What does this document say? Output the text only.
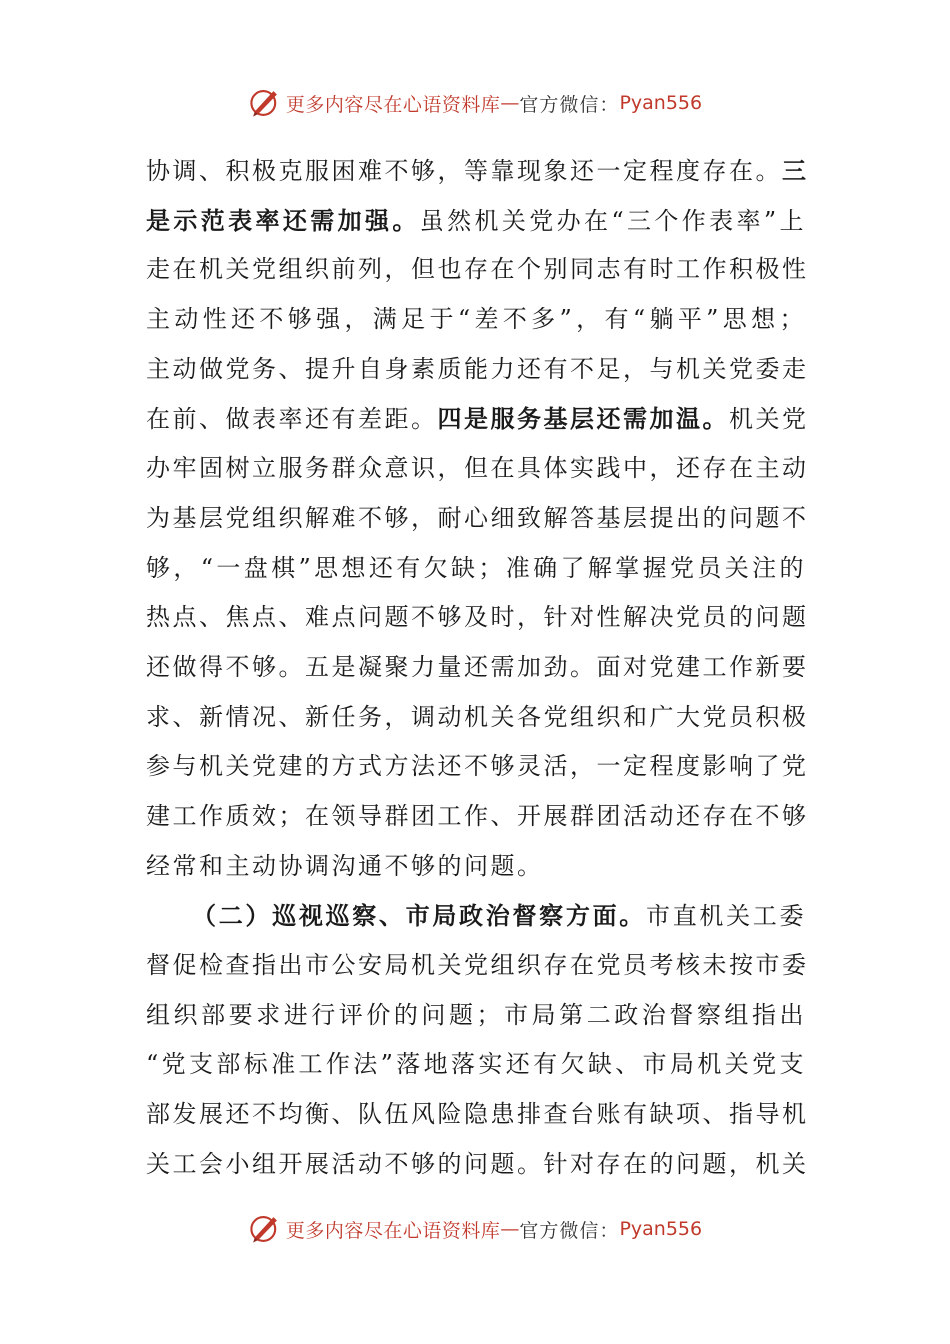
更多内容尽在心语资料库 — 官方微信： Pyan556
协调、积极克服困难不够，等靠现象还一定程度存在。三
是示范表率还需加强。虽然机关党办在“三个作表率”上
走在机关党组织前列，但也存在个别同志有时工作积极性
主动性还不够强，满足于“差不多”，有“躺平”思想；
主动做党务、提升自身素质能力还有不足，与机关党委走
在前、做表率还有差距。四是服务基层还需加温。机关党
办牢固树立服务群众意识，但在具体实践中，还存在主动
为基层党组织解难不够，耐心细致解答基层提出的问题不
够，“一盘棋”思想还有欠缺；准确了解掌握党员关注的
热点、焦点、难点问题不够及时，针对性解决党员的问题
还做得不够。五是凝聚力量还需加劲。面对党建工作新要
求、新情况、新任务，调动机关各党组织和广大党员积极
参与机关党建的方式方法还不够灵活，一定程度影响了党
建工作质效；在领导群团工作、开展群团活动还存在不够
经常和主动协调沟通不够的问题。
（二）巡视巡察、市局政治督察方面。市直机关工委
督促检查指出市公安局机关党组织存在党员考核未按市委
组织部要求进行评价的问题；市局第二政治督察组指出
“党支部标准工作法”落地落实还有欠缺、市局机关党支
部发展还不均衡、队伍风险隐患排查台账有缺项、指导机
关工会小组开展活动不够的问题。针对存在的问题，机关
更多内容尽在心语资料库 — 官方微信： Pyan556
